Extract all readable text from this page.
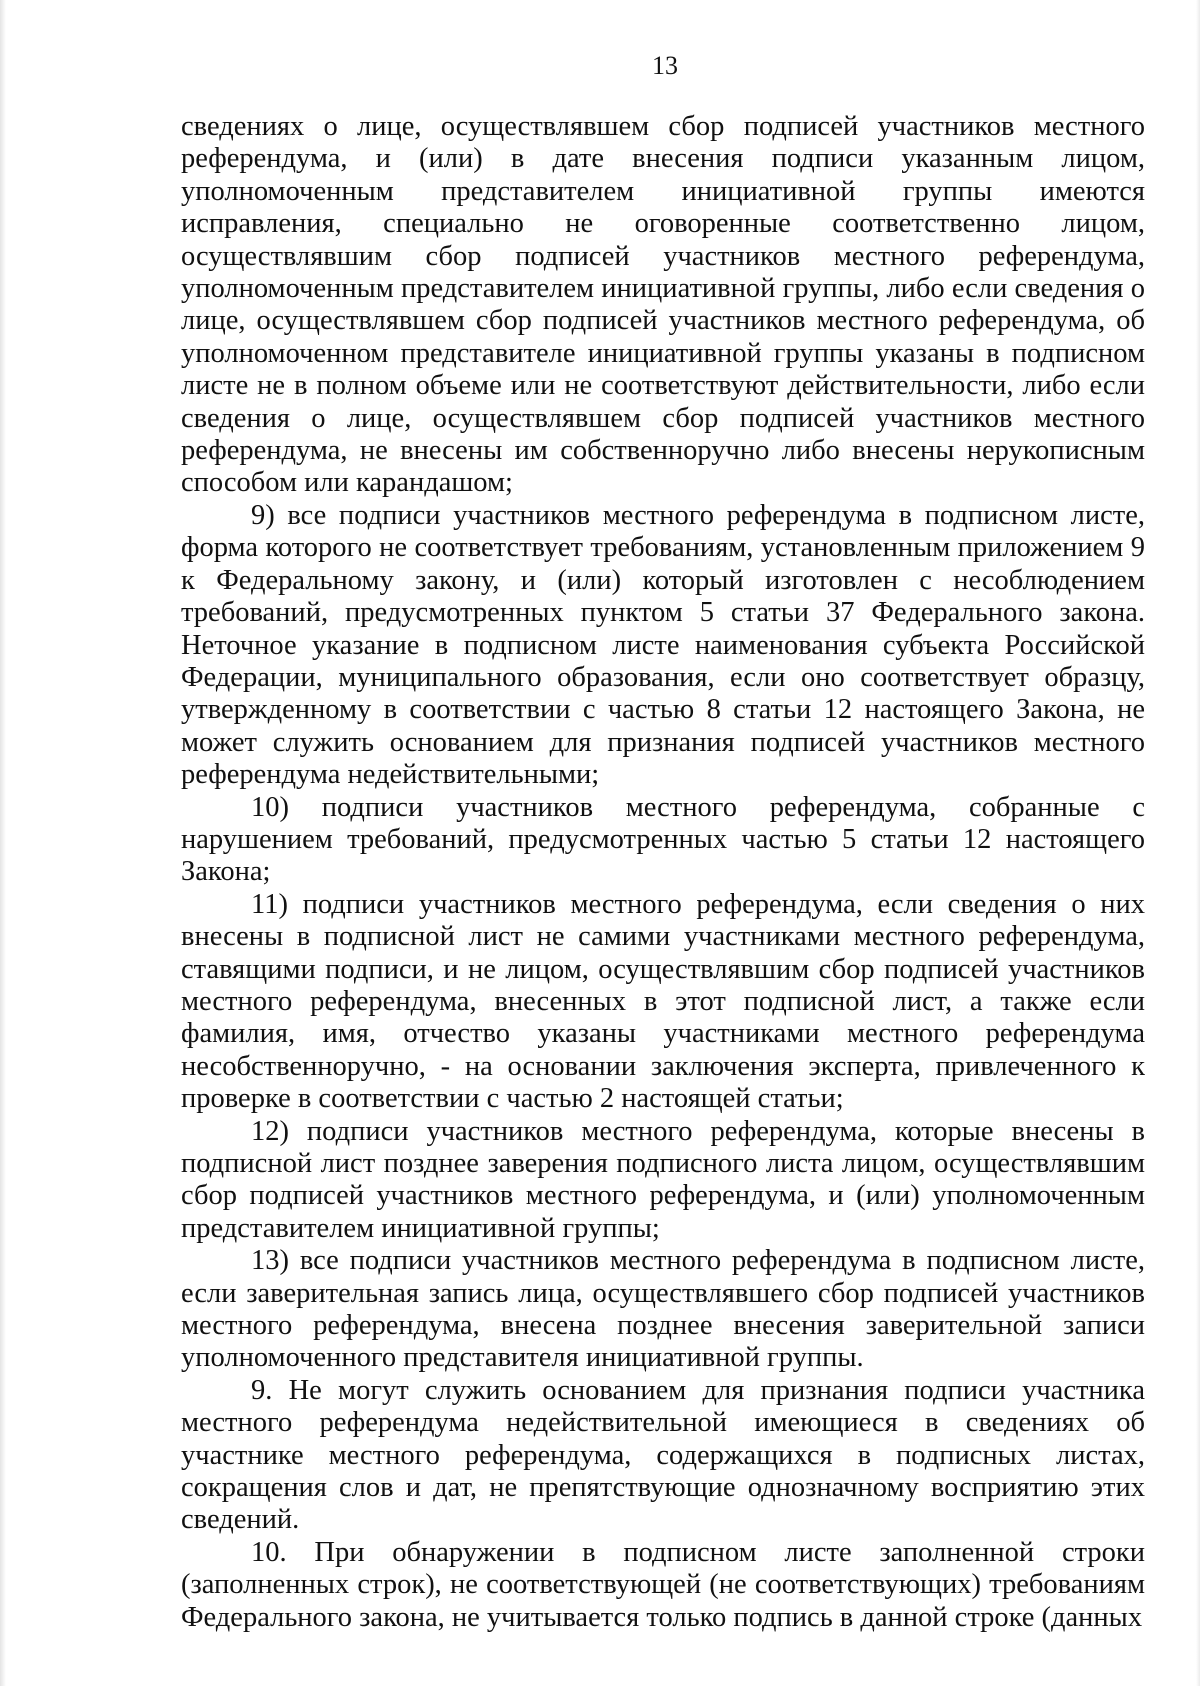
13

сведениях о лице, осуществлявшем сбор подписей участников местного референдума, и (или) в дате внесения подписи указанным лицом, уполномоченным представителем инициативной группы имеются исправления, специально не оговоренные соответственно лицом, осуществлявшим сбор подписей участников местного референдума, уполномоченным представителем инициативной группы, либо если сведения о лице, осуществлявшем сбор подписей участников местного референдума, об уполномоченном представителе инициативной группы указаны в подписном листе не в полном объеме или не соответствуют действительности, либо если сведения о лице, осуществлявшем сбор подписей участников местного референдума, не внесены им собственноручно либо внесены нерукописным способом или карандашом;

9) все подписи участников местного референдума в подписном листе, форма которого не соответствует требованиям, установленным приложением 9 к Федеральному закону, и (или) который изготовлен с несоблюдением требований, предусмотренных пунктом 5 статьи 37 Федерального закона. Неточное указание в подписном листе наименования субъекта Российской Федерации, муниципального образования, если оно соответствует образцу, утвержденному в соответствии с частью 8 статьи 12 настоящего Закона, не может служить основанием для признания подписей участников местного референдума недействительными;

10) подписи участников местного референдума, собранные с нарушением требований, предусмотренных частью 5 статьи 12 настоящего Закона;

11) подписи участников местного референдума, если сведения о них внесены в подписной лист не самими участниками местного референдума, ставящими подписи, и не лицом, осуществлявшим сбор подписей участников местного референдума, внесенных в этот подписной лист, а также если фамилия, имя, отчество указаны участниками местного референдума несобственноручно, - на основании заключения эксперта, привлеченного к проверке в соответствии с частью 2 настоящей статьи;

12) подписи участников местного референдума, которые внесены в подписной лист позднее заверения подписного листа лицом, осуществлявшим сбор подписей участников местного референдума, и (или) уполномоченным представителем инициативной группы;

13) все подписи участников местного референдума в подписном листе, если заверительная запись лица, осуществлявшего сбор подписей участников местного референдума, внесена позднее внесения заверительной записи уполномоченного представителя инициативной группы.

9. Не могут служить основанием для признания подписи участника местного референдума недействительной имеющиеся в сведениях об участнике местного референдума, содержащихся в подписных листах, сокращения слов и дат, не препятствующие однозначному восприятию этих сведений.

10. При обнаружении в подписном листе заполненной строки (заполненных строк), не соответствующей (не соответствующих) требованиям Федерального закона, не учитывается только подпись в данной строке (данных
